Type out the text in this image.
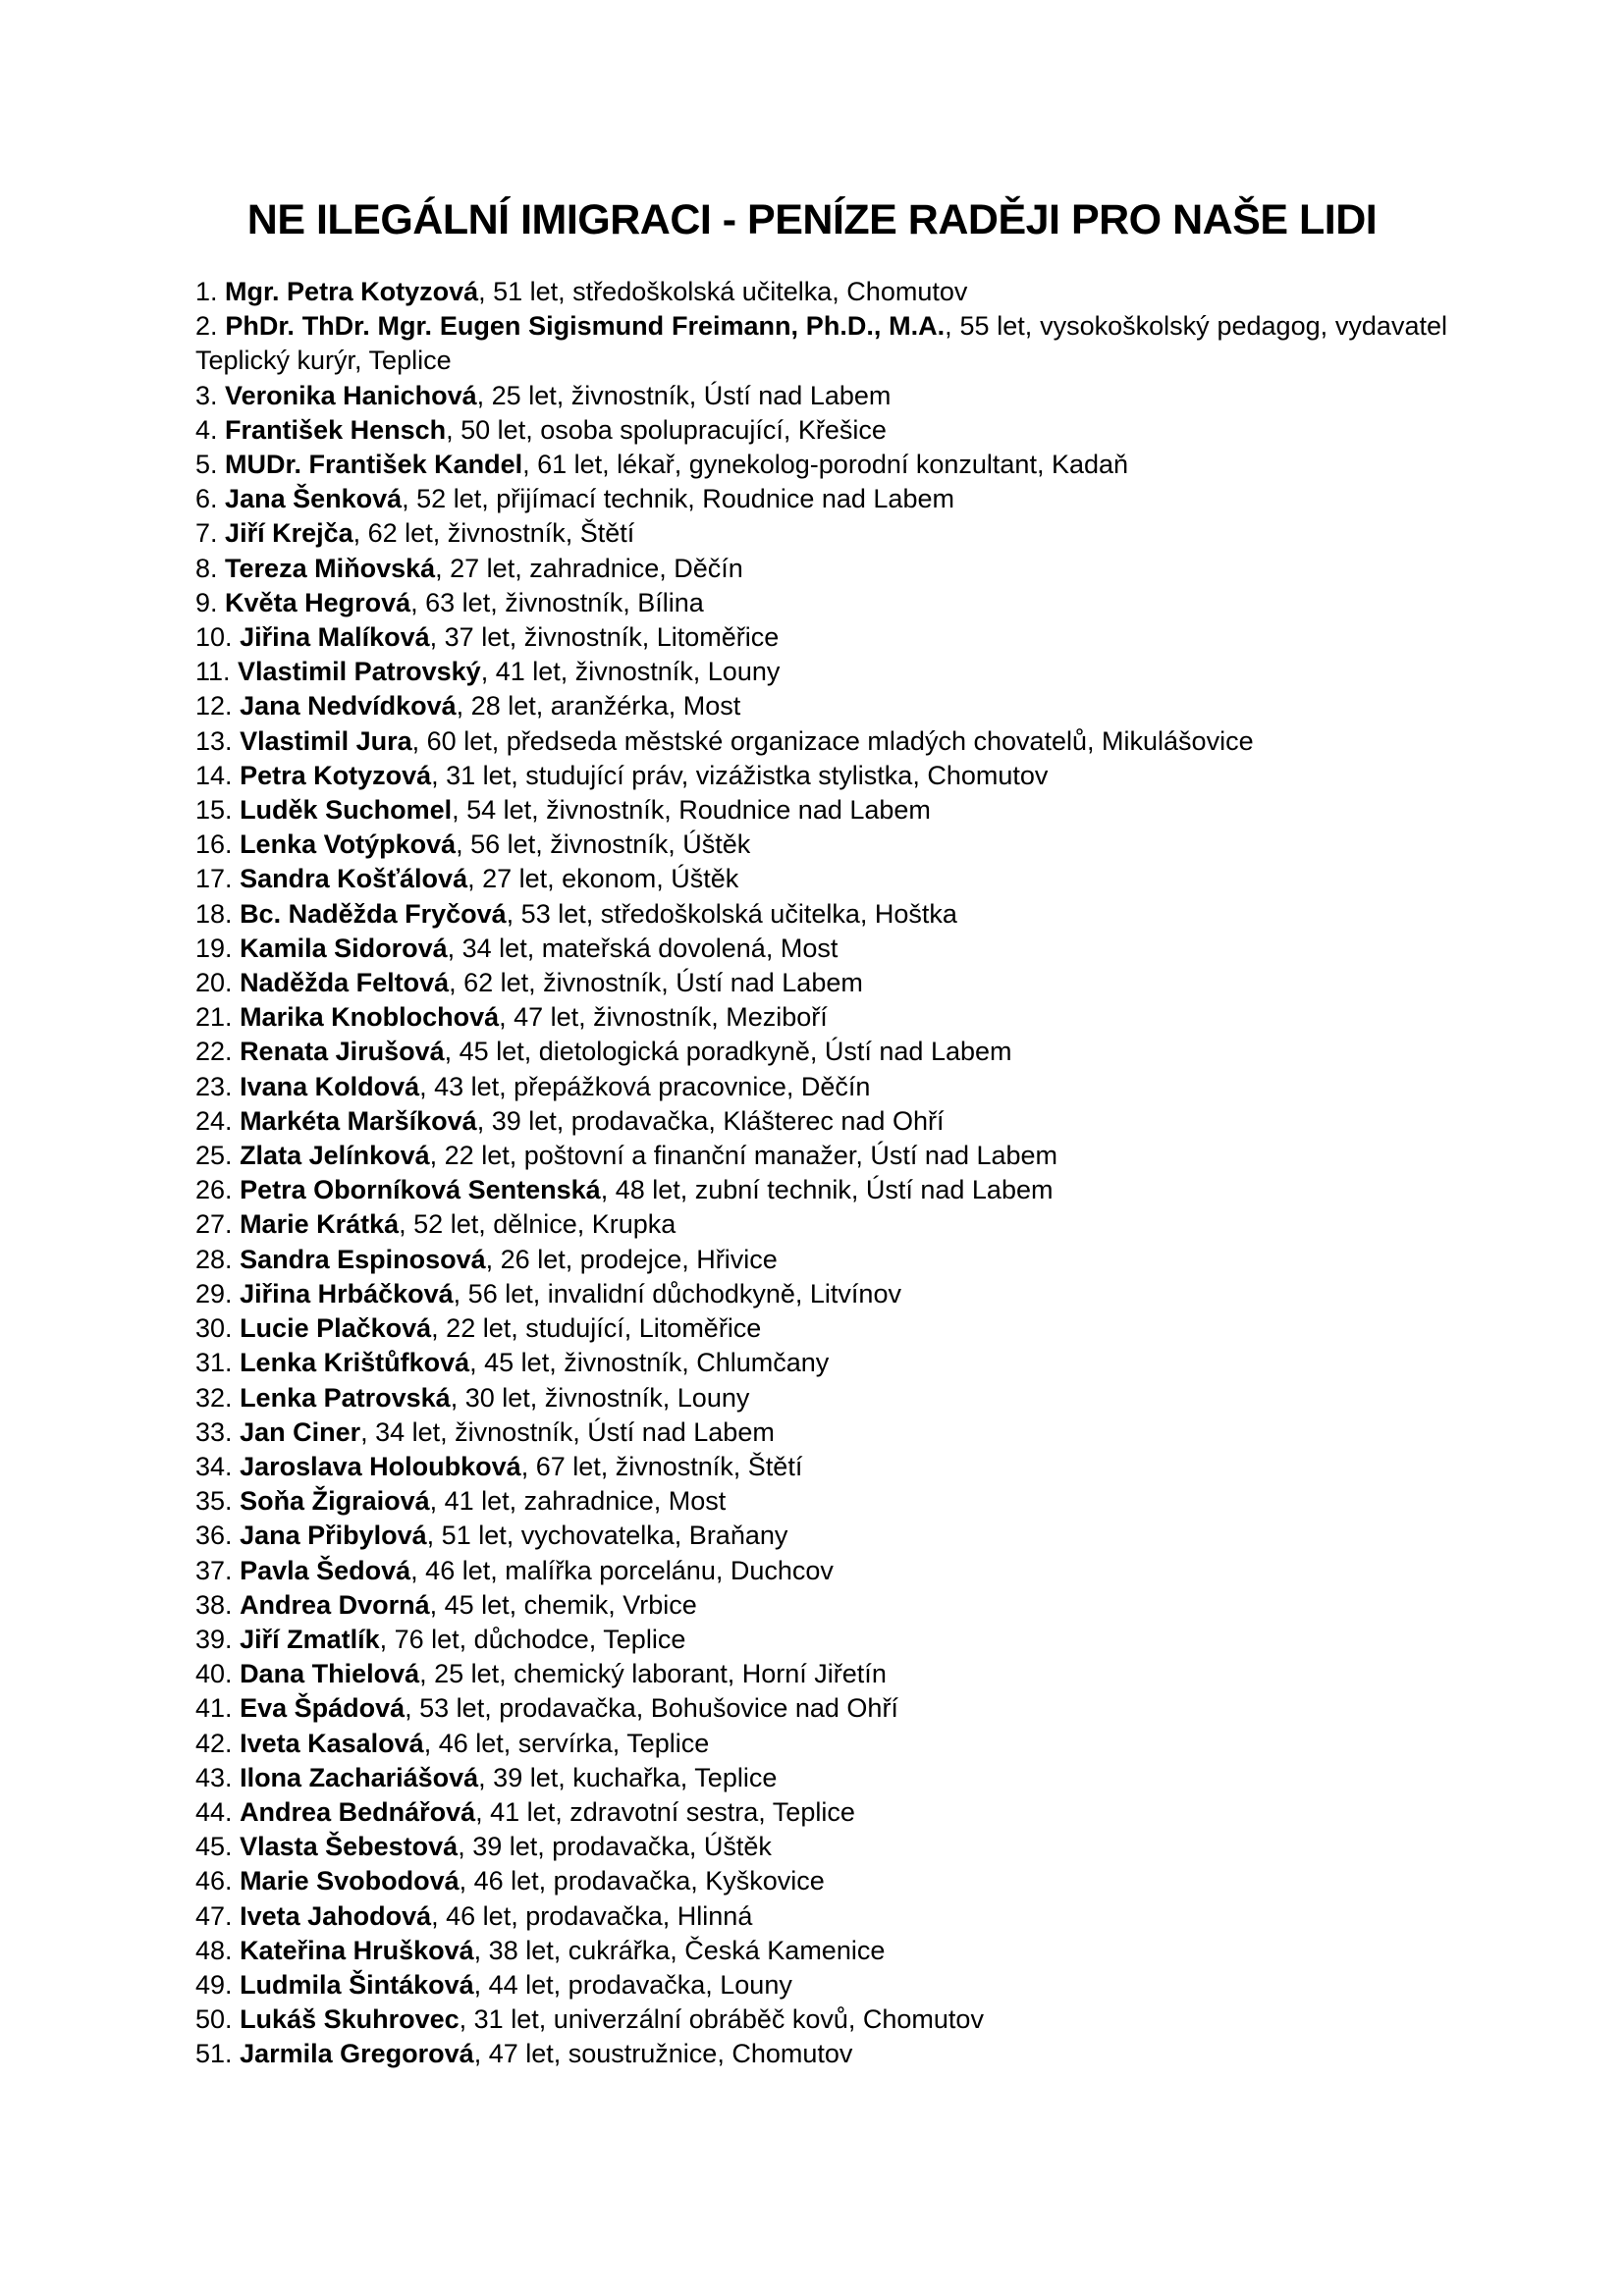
NE ILEGÁLNÍ IMIGRACI - PENÍZE RADĚJI PRO NAŠE LIDI
1. Mgr. Petra Kotyzová, 51 let, středoškolská učitelka, Chomutov
2. PhDr. ThDr. Mgr. Eugen Sigismund Freimann, Ph.D., M.A., 55 let, vysokoškolský pedagog, vydavatel Teplický kurýr, Teplice
3. Veronika Hanichová, 25 let, živnostník, Ústí nad Labem
4. František Hensch, 50 let, osoba spolupracující, Křešice
5. MUDr. František Kandel, 61 let, lékař, gynekolog-porodní konzultant, Kadaň
6. Jana Šenková, 52 let, přijímací technik, Roudnice nad Labem
7. Jiří Krejča, 62 let, živnostník, Štětí
8. Tereza Miňovská, 27 let, zahradnice, Děčín
9. Květa Hegrová, 63 let, živnostník, Bílina
10. Jiřina Malíková, 37 let, živnostník, Litoměřice
11. Vlastimil Patrovský, 41 let, živnostník, Louny
12. Jana Nedvídková, 28 let, aranžérka, Most
13. Vlastimil Jura, 60 let, předseda městské organizace mladých chovatelů, Mikulášovice
14. Petra Kotyzová, 31 let, studující práv, vizážistka stylistka, Chomutov
15. Luděk Suchomel, 54 let, živnostník, Roudnice nad Labem
16. Lenka Votýpková, 56 let, živnostník, Úštěk
17. Sandra Košťálová, 27 let, ekonom, Úštěk
18. Bc. Naděžda Fryčová, 53 let, středoškolská učitelka, Hoštka
19. Kamila Sidorová, 34 let, mateřská dovolená, Most
20. Naděžda Feltová, 62 let, živnostník, Ústí nad Labem
21. Marika Knoblochová, 47 let, živnostník, Meziboří
22. Renata Jirušová, 45 let, dietologická poradkyně, Ústí nad Labem
23. Ivana Koldová, 43 let, přepážková pracovnice, Děčín
24. Markéta Maršíková, 39 let, prodavačka, Klášterec nad Ohří
25. Zlata Jelínková, 22 let, poštovní a finanční manažer, Ústí nad Labem
26. Petra Oborníková Sentenská, 48 let, zubní technik, Ústí nad Labem
27. Marie Krátká, 52 let, dělnice, Krupka
28. Sandra Espinosová, 26 let, prodejce, Hřivice
29. Jiřina Hrbáčková, 56 let, invalidní důchodkyně, Litvínov
30. Lucie Plačková, 22 let, studující, Litoměřice
31. Lenka Krištůfková, 45 let, živnostník, Chlumčany
32. Lenka Patrovská, 30 let, živnostník, Louny
33. Jan Ciner, 34 let, živnostník, Ústí nad Labem
34. Jaroslava Holoubková, 67 let, živnostník, Štětí
35. Soňa Žigraiová, 41 let, zahradnice, Most
36. Jana Přibylová, 51 let, vychovatelka, Braňany
37. Pavla Šedová, 46 let, malířka porcelánu, Duchcov
38. Andrea Dvorná, 45 let, chemik, Vrbice
39. Jiří Zmatlík, 76 let, důchodce, Teplice
40. Dana Thielová, 25 let, chemický laborant, Horní Jiřetín
41. Eva Špádová, 53 let, prodavačka, Bohušovice nad Ohří
42. Iveta Kasalová, 46 let, servírka, Teplice
43. Ilona Zachariášová, 39 let, kuchařka, Teplice
44. Andrea Bednářová, 41 let, zdravotní sestra, Teplice
45. Vlasta Šebestová, 39 let, prodavačka, Úštěk
46. Marie Svobodová, 46 let, prodavačka, Kyškovice
47. Iveta Jahodová, 46 let, prodavačka, Hlinná
48. Kateřina Hrušková, 38 let, cukrářka, Česká Kamenice
49. Ludmila Šintáková, 44 let, prodavačka, Louny
50. Lukáš Skuhrovec, 31 let, univerzální obráběč kovů, Chomutov
51. Jarmila Gregorová, 47 let, soustružnice, Chomutov
